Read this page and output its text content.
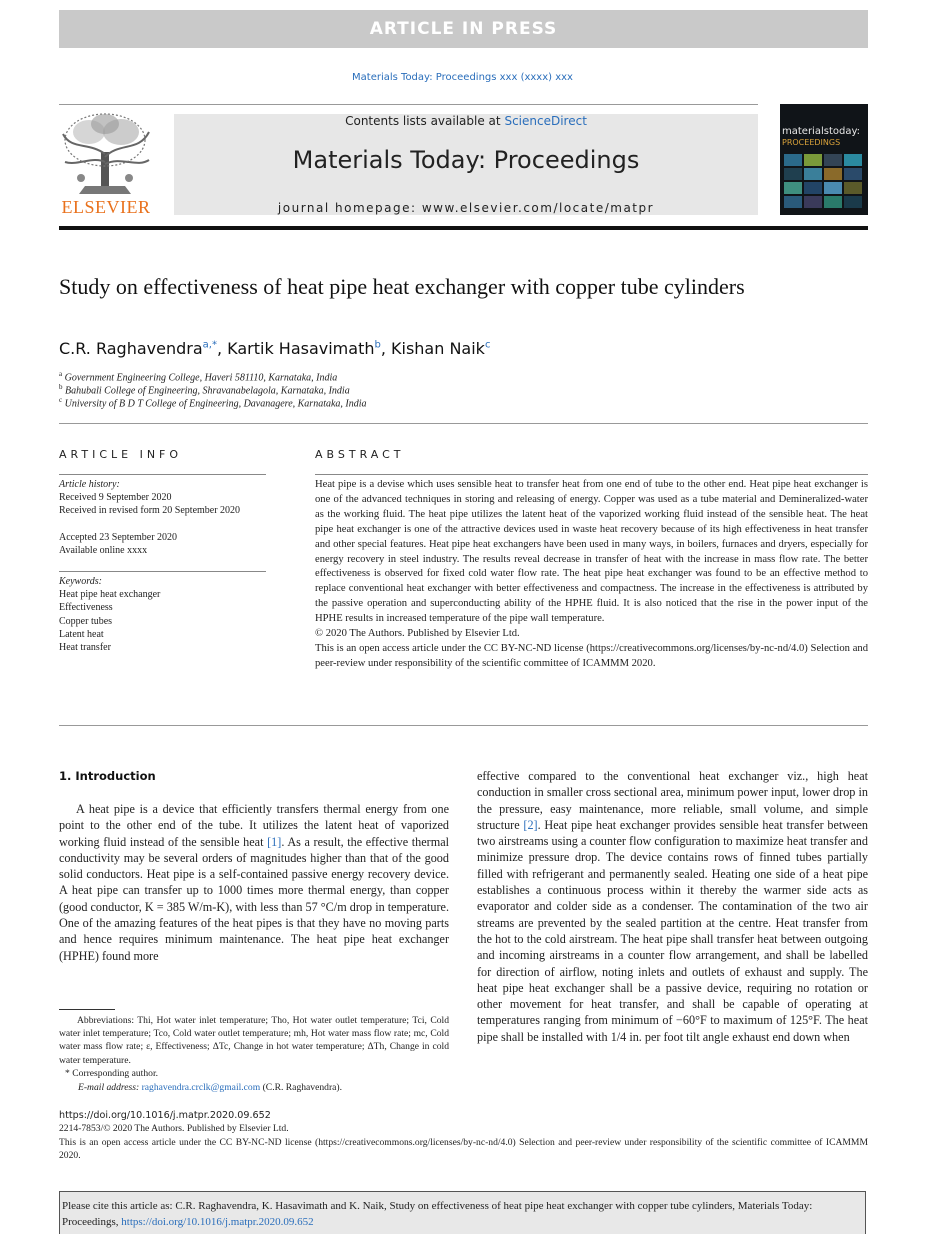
ARTICLE IN PRESS
Materials Today: Proceedings xxx (xxxx) xxx
ELSEVIER
Contents lists available at ScienceDirect
Materials Today: Proceedings
journal homepage: www.elsevier.com/locate/matpr
materialstoday:
PROCEEDINGS
Study on effectiveness of heat pipe heat exchanger with copper tube cylinders
C.R. Raghavendra$^{a,*}$, Kartik Hasavimath$^b$, Kishan Naik$^c$
$^a$ Government Engineering College, Haveri 581110, Karnataka, India
$^b$ Bahubali College of Engineering, Shravanabelagola, Karnataka, India
$^c$ University of B D T College of Engineering, Davanagere, Karnataka, India
ARTICLE INFO
Article history:
Received 9 September 2020
Received in revised form 20 September 2020
Accepted 23 September 2020
Available online xxxx
Keywords:
Heat pipe heat exchanger
Effectiveness
Copper tubes
Latent heat
Heat transfer
ABSTRACT
Heat pipe is a devise which uses sensible heat to transfer heat from one end of tube to the other end. Heat pipe heat exchanger is one of the advanced techniques in storing and releasing of energy. Copper was used as a tube material and Demineralized-water as the working fluid. The heat pipe utilizes the latent heat of the vaporized working fluid instead of the sensible heat. The heat pipe heat exchanger is one of the attractive devices used in waste heat recovery because of its high effectiveness in heat transfer and other special features. Heat pipe heat exchangers have been used in many ways, in boilers, furnaces and dryers, especially for energy recovery in steel industry. The results reveal decrease in transfer of heat with the increase in mass flow rate. The better effectiveness is observed for fixed cold water flow rate. The heat pipe heat exchanger was found to be an effective method to replace conventional heat exchanger with better effectiveness and compactness. The increase in the effectiveness is attributed by the passive operation and superconducting ability of the HPHE fluid. It is also noticed that the rise in the power input of the HPHE results in increased temperature of the pipe wall temperature.
© 2020 The Authors. Published by Elsevier Ltd.
This is an open access article under the CC BY-NC-ND license (https://creativecommons.org/licenses/by-nc-nd/4.0) Selection and peer-review under responsibility of the scientific committee of ICAMMM 2020.
1. Introduction
A heat pipe is a device that efficiently transfers thermal energy from one point to the other end of the tube. It utilizes the latent heat of vaporized working fluid instead of the sensible heat [1]. As a result, the effective thermal conductivity may be several orders of magnitudes higher than that of the good solid conductors. Heat pipe is a self-contained passive energy recovery device. A heat pipe can transfer up to 1000 times more thermal energy, than copper (good conductor, K = 385 W/m-K), with less than 57 °C/m drop in temperature. One of the amazing features of the heat pipes is that they have no moving parts and hence requires minimum maintenance. The heat pipe heat exchanger (HPHE) found more
effective compared to the conventional heat exchanger viz., high heat conduction in smaller cross sectional area, minimum power input, lower drop in the pressure, easy maintenance, more reliable, small volume, and simple structure [2]. Heat pipe heat exchanger provides sensible heat transfer between two airstreams using a counter flow configuration to maximize heat transfer and minimize pressure drop. The device contains rows of finned tubes partially filled with refrigerant and permanently sealed. Heating one side of a heat pipe establishes a continuous process within it thereby the warmer side acts as evaporator and colder side as a condenser. The contamination of the two air streams are prevented by the sealed partition at the centre. Heat transfer from the hot to the cold airstream. The heat pipe shall transfer heat between outgoing and incoming airstreams in a counter flow arrangement, and shall be labelled for direction of airflow, noting inlets and outlets of exhaust and supply. The heat pipe heat exchanger shall be a passive device, requiring no rotation or other movement for heat transfer, and shall be capable of operating at temperatures ranging from minimum of −60°F to maximum of 125°F. The heat pipe shall be installed with 1/4 in. per foot tilt angle exhaust end down when
Abbreviations: Thi, Hot water inlet temperature; Tho, Hot water outlet temperature; Tci, Cold water inlet temperature; Tco, Cold water outlet temperature; mh, Hot water mass flow rate; mc, Cold water mass flow rate; ε, Effectiveness; ΔTc, Change in hot water temperature; ΔTh, Change in cold water temperature.
* Corresponding author.
E-mail address: raghavendra.crclk@gmail.com (C.R. Raghavendra).
https://doi.org/10.1016/j.matpr.2020.09.652
2214-7853/© 2020 The Authors. Published by Elsevier Ltd.
This is an open access article under the CC BY-NC-ND license (https://creativecommons.org/licenses/by-nc-nd/4.0) Selection and peer-review under responsibility of the scientific committee of ICAMMM 2020.
Please cite this article as: C.R. Raghavendra, K. Hasavimath and K. Naik, Study on effectiveness of heat pipe heat exchanger with copper tube cylinders, Materials Today: Proceedings, https://doi.org/10.1016/j.matpr.2020.09.652
